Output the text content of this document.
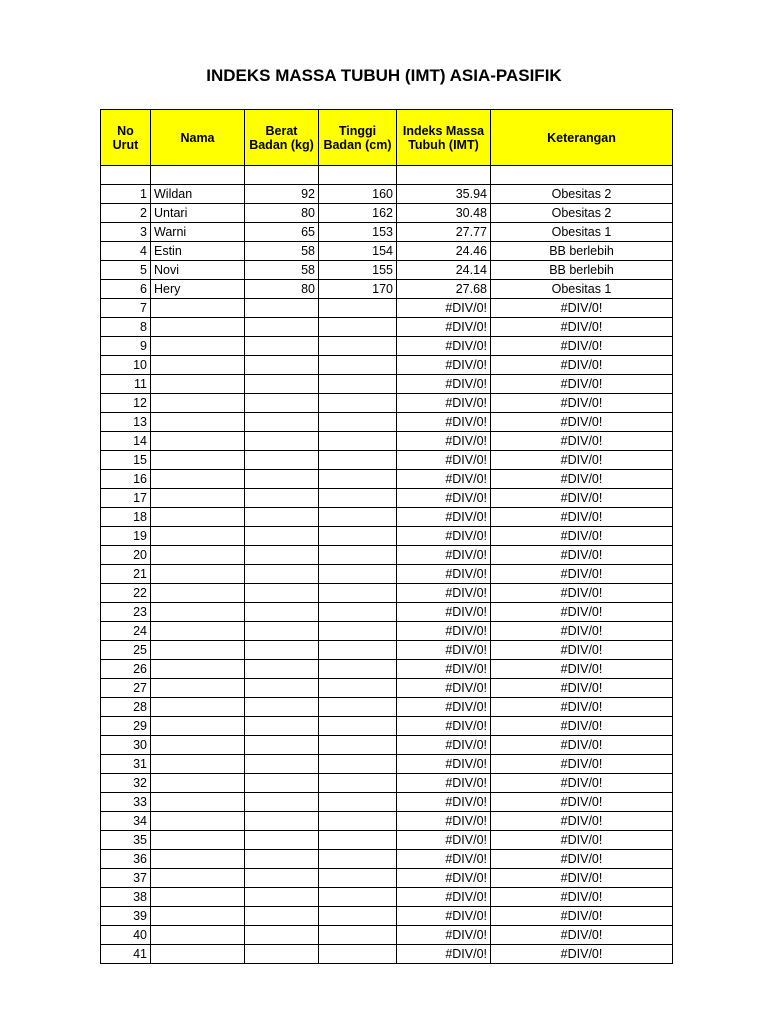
INDEKS MASSA TUBUH (IMT) ASIA-PASIFIK
No Urut	Nama	Berat Badan (kg)	Tinggi Badan (cm)	Indeks Massa Tubuh (IMT)	Keterangan

1	Wildan	92	160	35.94	Obesitas 2
2	Untari	80	162	30.48	Obesitas 2
3	Warni	65	153	27.77	Obesitas 1
4	Estin	58	154	24.46	BB berlebih
5	Novi	58	155	24.14	BB berlebih
6	Hery	80	170	27.68	Obesitas 1
7				#DIV/0!	#DIV/0!
8				#DIV/0!	#DIV/0!
9				#DIV/0!	#DIV/0!
10				#DIV/0!	#DIV/0!
11				#DIV/0!	#DIV/0!
12				#DIV/0!	#DIV/0!
13				#DIV/0!	#DIV/0!
14				#DIV/0!	#DIV/0!
15				#DIV/0!	#DIV/0!
16				#DIV/0!	#DIV/0!
17				#DIV/0!	#DIV/0!
18				#DIV/0!	#DIV/0!
19				#DIV/0!	#DIV/0!
20				#DIV/0!	#DIV/0!
21				#DIV/0!	#DIV/0!
22				#DIV/0!	#DIV/0!
23				#DIV/0!	#DIV/0!
24				#DIV/0!	#DIV/0!
25				#DIV/0!	#DIV/0!
26				#DIV/0!	#DIV/0!
27				#DIV/0!	#DIV/0!
28				#DIV/0!	#DIV/0!
29				#DIV/0!	#DIV/0!
30				#DIV/0!	#DIV/0!
31				#DIV/0!	#DIV/0!
32				#DIV/0!	#DIV/0!
33				#DIV/0!	#DIV/0!
34				#DIV/0!	#DIV/0!
35				#DIV/0!	#DIV/0!
36				#DIV/0!	#DIV/0!
37				#DIV/0!	#DIV/0!
38				#DIV/0!	#DIV/0!
39				#DIV/0!	#DIV/0!
40				#DIV/0!	#DIV/0!
41				#DIV/0!	#DIV/0!
